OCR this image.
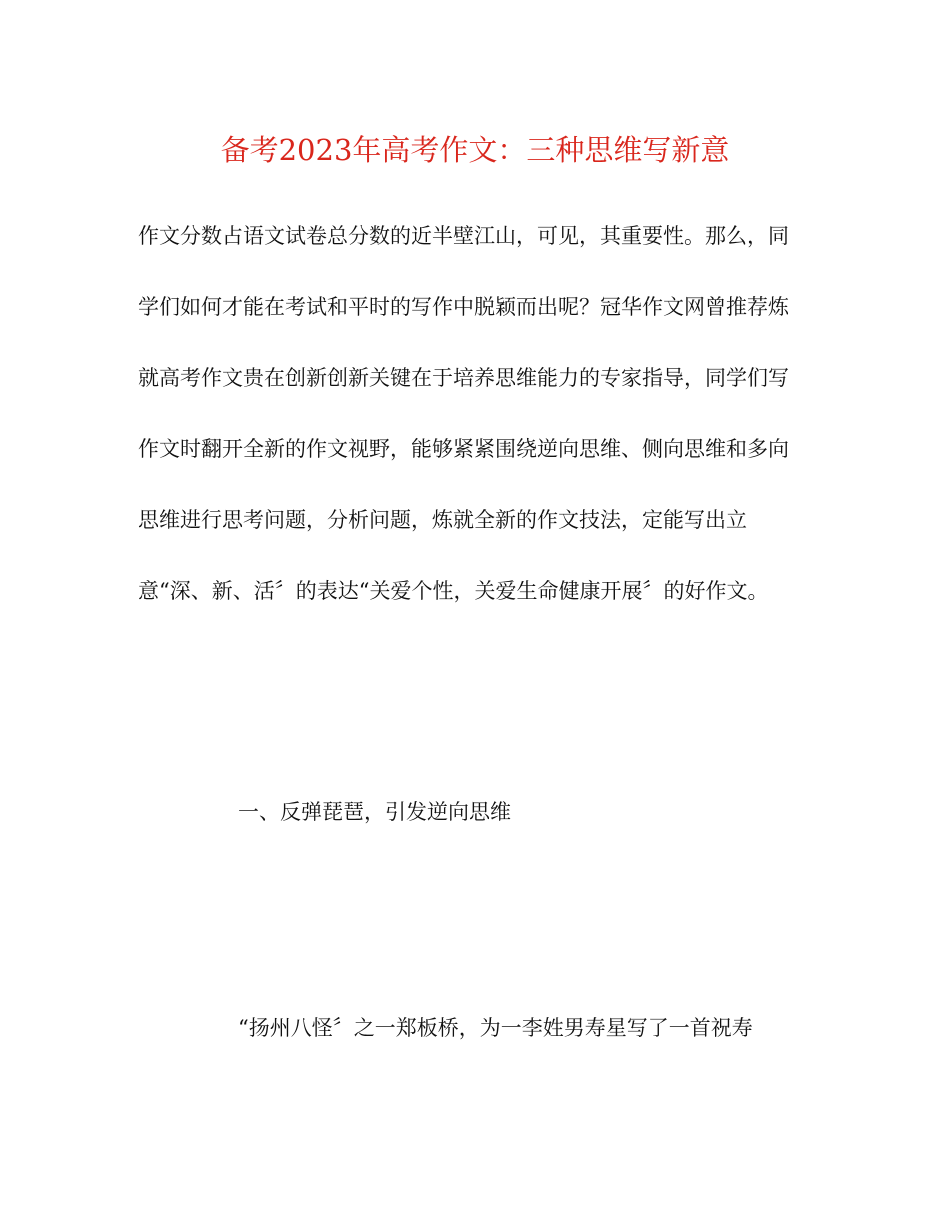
备考2023年高考作文：三种思维写新意

作文分数占语文试卷总分数的近半壁江山，可见，其重要性。那么，同

学们如何才能在考试和平时的写作中脱颖而出呢？冠华作文网曾推荐炼

就高考作文贵在创新创新关键在于培养思维能力的专家指导，同学们写

作文时翻开全新的作文视野，能够紧紧围绕逆向思维、侧向思维和多向

思维进行思考问题，分析问题，炼就全新的作文技法，定能写出立

意“深、新、活〞的表达“关爱个性，关爱生命健康开展〞的好作文。

一、反弹琵琶，引发逆向思维

“扬州八怪〞之一郑板桥，为一李姓男寿星写了一首祝寿
